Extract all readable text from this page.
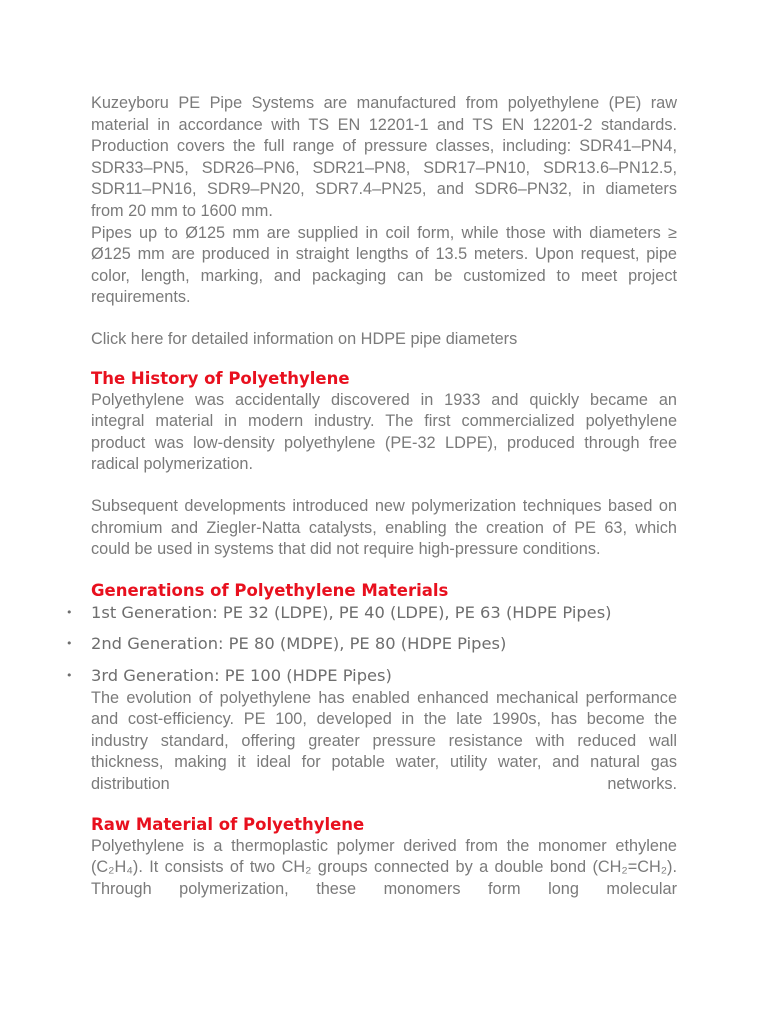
Kuzeyboru PE Pipe Systems are manufactured from polyethylene (PE) raw material in accordance with TS EN 12201-1 and TS EN 12201-2 standards. Production covers the full range of pressure classes, including: SDR41–PN4, SDR33–PN5, SDR26–PN6, SDR21–PN8, SDR17–PN10, SDR13.6–PN12.5, SDR11–PN16, SDR9–PN20, SDR7.4–PN25, and SDR6–PN32, in diameters from 20 mm to 1600 mm.

Pipes up to Ø125 mm are supplied in coil form, while those with diameters ≥ Ø125 mm are produced in straight lengths of 13.5 meters. Upon request, pipe color, length, marking, and packaging can be customized to meet project requirements.

Click here for detailed information on HDPE pipe diameters

The History of Polyethylene

Polyethylene was accidentally discovered in 1933 and quickly became an integral material in modern industry. The first commercialized polyethylene product was low-density polyethylene (PE-32 LDPE), produced through free radical polymerization.

Subsequent developments introduced new polymerization techniques based on chromium and Ziegler-Natta catalysts, enabling the creation of PE 63, which could be used in systems that did not require high-pressure conditions.

Generations of Polyethylene Materials
• 1st Generation: PE 32 (LDPE), PE 40 (LDPE), PE 63 (HDPE Pipes)
• 2nd Generation: PE 80 (MDPE), PE 80 (HDPE Pipes)
• 3rd Generation: PE 100 (HDPE Pipes)

The evolution of polyethylene has enabled enhanced mechanical performance and cost-efficiency. PE 100, developed in the late 1990s, has become the industry standard, offering greater pressure resistance with reduced wall thickness, making it ideal for potable water, utility water, and natural gas distribution networks.

Raw Material of Polyethylene

Polyethylene is a thermoplastic polymer derived from the monomer ethylene (C₂H₄). It consists of two CH₂ groups connected by a double bond (CH₂=CH₂). Through polymerization, these monomers form long molecular
